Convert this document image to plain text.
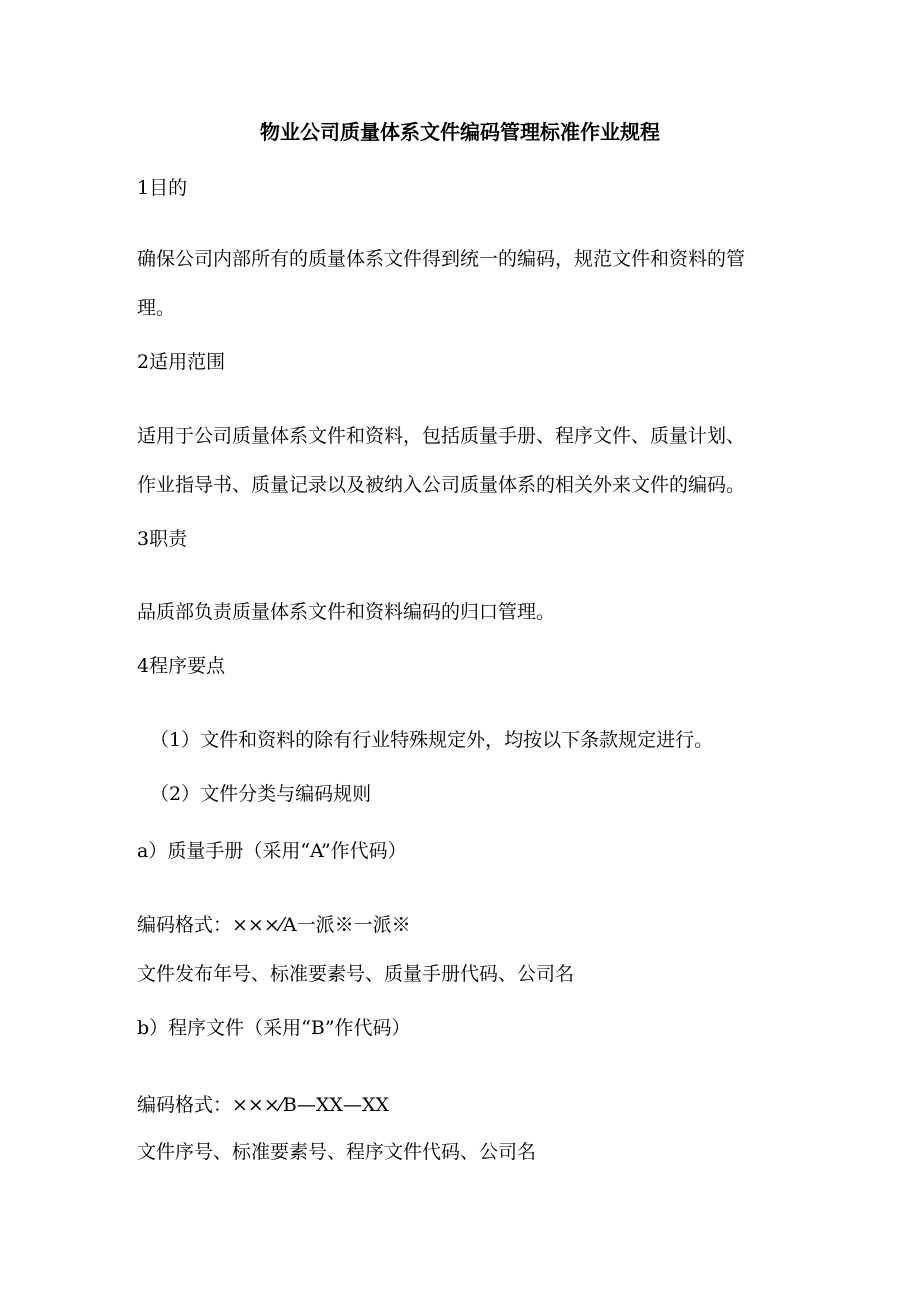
物业公司质量体系文件编码管理标准作业规程

1目的

确保公司内部所有的质量体系文件得到统一的编码，规范文件和资料的管

理。

2适用范围

适用于公司质量体系文件和资料，包括质量手册、程序文件、质量计划、

作业指导书、质量记录以及被纳入公司质量体系的相关外来文件的编码。

3职责

品质部负责质量体系文件和资料编码的归口管理。

4程序要点

（1）文件和资料的除有行业特殊规定外，均按以下条款规定进行。

（2）文件分类与编码规则

a）质量手册（采用“A”作代码）

编码格式：×××⁄A一派※一派※

文件发布年号、标准要素号、质量手册代码、公司名

b）程序文件（采用“B”作代码）

编码格式：×××⁄B—XX—XX

文件序号、标准要素号、程序文件代码、公司名
